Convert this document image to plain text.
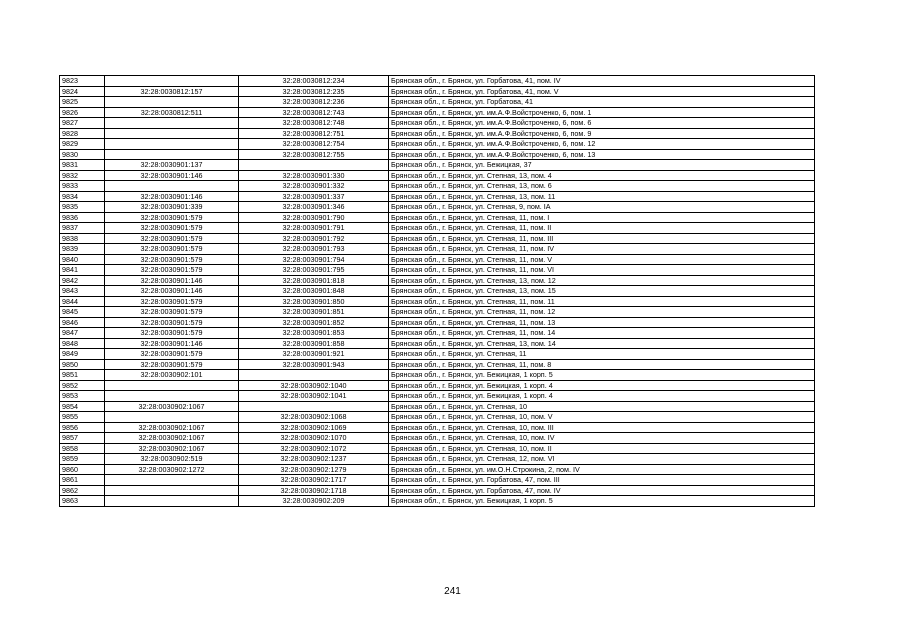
9823		32:28:0030812:234	Брянская обл., г. Брянск, ул. Горбатова, 41, пом. IV
9824	32:28:0030812:157	32:28:0030812:235	Брянская обл., г. Брянск, ул. Горбатова, 41, пом. V
9825		32:28:0030812:236	Брянская обл., г. Брянск, ул. Горбатова, 41
9826	32:28:0030812:511	32:28:0030812:743	Брянская обл., г. Брянск, ул. им.А.Ф.Войстроченко, 6, пом. 1
9827		32:28:0030812:748	Брянская обл., г. Брянск, ул. им.А.Ф.Войстроченко, 6, пом. 6
9828		32:28:0030812:751	Брянская обл., г. Брянск, ул. им.А.Ф.Войстроченко, 6, пом. 9
9829		32:28:0030812:754	Брянская обл., г. Брянск, ул. им.А.Ф.Войстроченко, 6, пом. 12
9830		32:28:0030812:755	Брянская обл., г. Брянск, ул. им.А.Ф.Войстроченко, 6, пом. 13
9831	32:28:0030901:137		Брянская обл., г. Брянск, ул. Бежицкая, 37
9832	32:28:0030901:146	32:28:0030901:330	Брянская обл., г. Брянск, ул. Степная, 13, пом. 4
9833		32:28:0030901:332	Брянская обл., г. Брянск, ул. Степная, 13, пом. 6
9834	32:28:0030901:146	32:28:0030901:337	Брянская обл., г. Брянск, ул. Степная, 13, пом. 11
9835	32:28:0030901:339	32:28:0030901:346	Брянская обл., г. Брянск, ул. Степная, 9, пом. IA
9836	32:28:0030901:579	32:28:0030901:790	Брянская обл., г. Брянск, ул. Степная, 11, пом. I
9837	32:28:0030901:579	32:28:0030901:791	Брянская обл., г. Брянск, ул. Степная, 11, пом. II
9838	32:28:0030901:579	32:28:0030901:792	Брянская обл., г. Брянск, ул. Степная, 11, пом. III
9839	32:28:0030901:579	32:28:0030901:793	Брянская обл., г. Брянск, ул. Степная, 11, пом. IV
9840	32:28:0030901:579	32:28:0030901:794	Брянская обл., г. Брянск, ул. Степная, 11, пом. V
9841	32:28:0030901:579	32:28:0030901:795	Брянская обл., г. Брянск, ул. Степная, 11, пом. VI
9842	32:28:0030901:146	32:28:0030901:818	Брянская обл., г. Брянск, ул. Степная, 13, пом. 12
9843	32:28:0030901:146	32:28:0030901:848	Брянская обл., г. Брянск, ул. Степная, 13, пом. 15
9844	32:28:0030901:579	32:28:0030901:850	Брянская обл., г. Брянск, ул. Степная, 11, пом. 11
9845	32:28:0030901:579	32:28:0030901:851	Брянская обл., г. Брянск, ул. Степная, 11, пом. 12
9846	32:28:0030901:579	32:28:0030901:852	Брянская обл., г. Брянск, ул. Степная, 11, пом. 13
9847	32:28:0030901:579	32:28:0030901:853	Брянская обл., г. Брянск, ул. Степная, 11, пом. 14
9848	32:28:0030901:146	32:28:0030901:858	Брянская обл., г. Брянск, ул. Степная, 13, пом. 14
9849	32:28:0030901:579	32:28:0030901:921	Брянская обл., г. Брянск, ул. Степная, 11
9850	32:28:0030901:579	32:28:0030901:943	Брянская обл., г. Брянск, ул. Степная, 11, пом. 8
9851	32:28:0030902:101		Брянская обл., г. Брянск, ул. Бежицкая, 1 корп. 5
9852		32:28:0030902:1040	Брянская обл., г. Брянск, ул. Бежицкая, 1 корп. 4
9853		32:28:0030902:1041	Брянская обл., г. Брянск, ул. Бежицкая, 1 корп. 4
9854	32:28:0030902:1067		Брянская обл., г. Брянск, ул. Степная, 10
9855		32:28:0030902:1068	Брянская обл., г. Брянск, ул. Степная, 10, пом. V
9856	32:28:0030902:1067	32:28:0030902:1069	Брянская обл., г. Брянск, ул. Степная, 10, пом. III
9857	32:28:0030902:1067	32:28:0030902:1070	Брянская обл., г. Брянск, ул. Степная, 10, пом. IV
9858	32:28:0030902:1067	32:28:0030902:1072	Брянская обл., г. Брянск, ул. Степная, 10, пом. II
9859	32:28:0030902:519	32:28:0030902:1237	Брянская обл., г. Брянск, ул. Степная, 12, пом. VI
9860	32:28:0030902:1272	32:28:0030902:1279	Брянская обл., г. Брянск, ул. им.О.Н.Строкина, 2, пом. IV
9861		32:28:0030902:1717	Брянская обл., г. Брянск, ул. Горбатова, 47, пом. III
9862		32:28:0030902:1718	Брянская обл., г. Брянск, ул. Горбатова, 47, пом. IV
9863		32:28:0030902:209	Брянская обл., г. Брянск, ул. Бежицкая, 1 корп. 5
241
